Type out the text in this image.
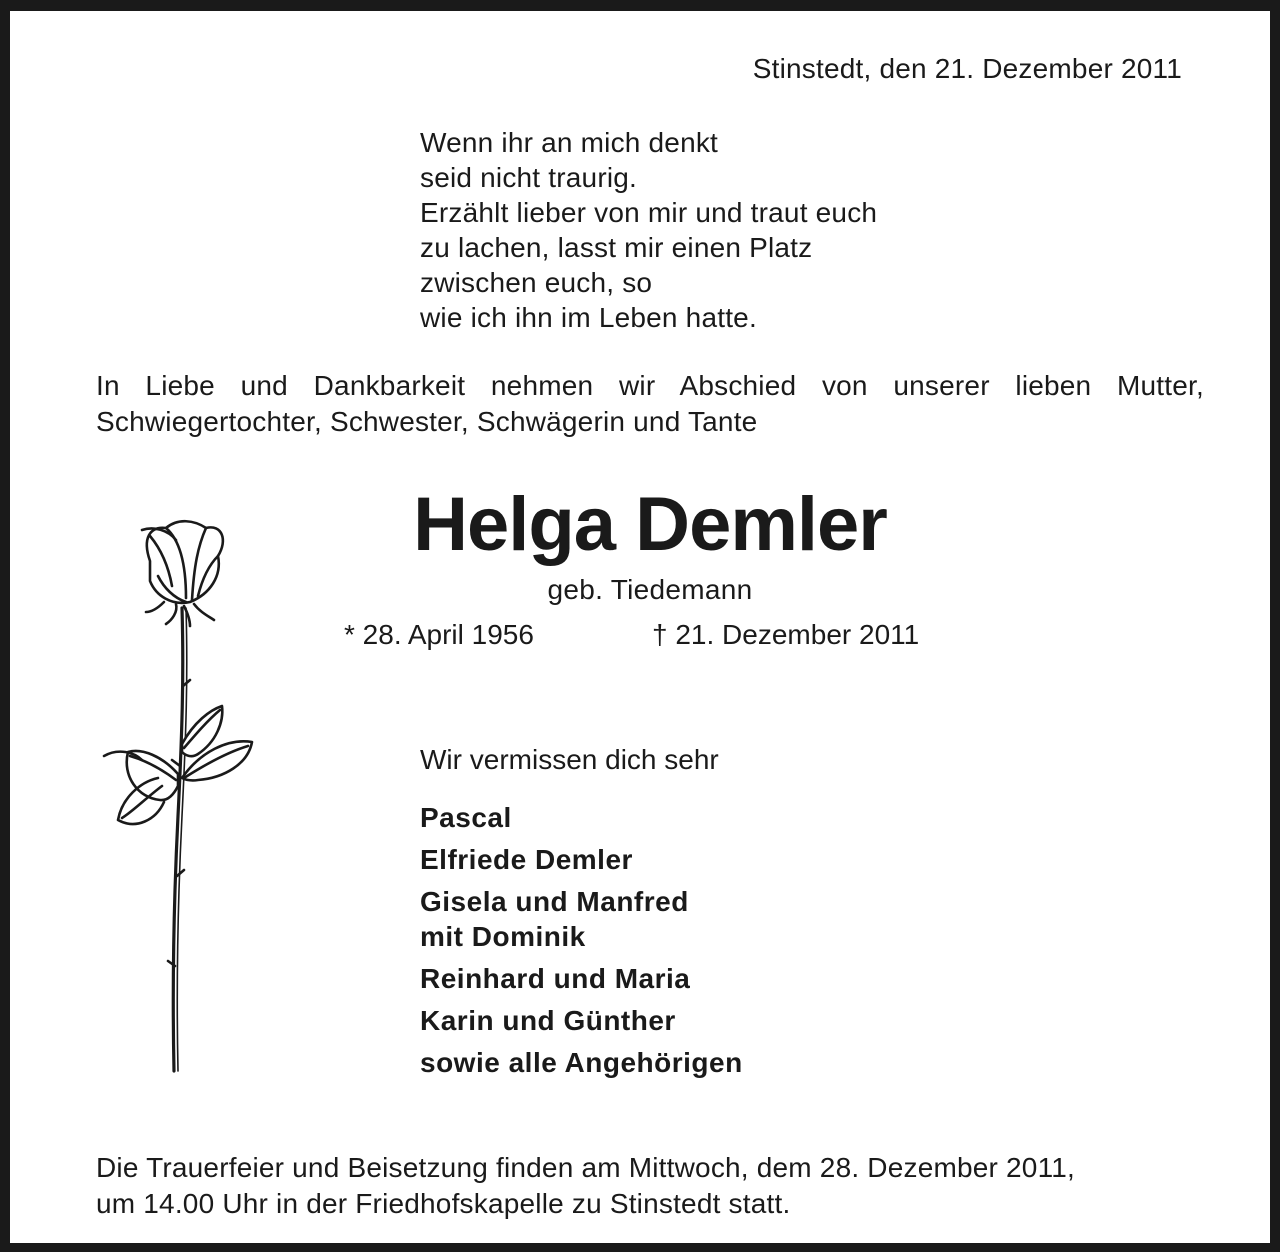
Stinstedt, den 21. Dezember 2011

Wenn ihr an mich denkt
seid nicht traurig.
Erzählt lieber von mir und traut euch
zu lachen, lasst mir einen Platz
zwischen euch, so
wie ich ihn im Leben hatte.
In Liebe und Dankbarkeit nehmen wir Abschied von unserer lieben Mutter,
Schwiegertochter, Schwester, Schwägerin und Tante
Helga Demler

geb. Tiedemann

* 28. April 1956	† 21. Dezember 2011

Wir vermissen dich sehr

Pascal
Elfriede Demler
Gisela und Manfred
mit Dominik
Reinhard und Maria
Karin und Günther
sowie alle Angehörigen
Die Trauerfeier und Beisetzung finden am Mittwoch, dem 28. Dezember 2011,
um 14.00 Uhr in der Friedhofskapelle zu Stinstedt statt.
